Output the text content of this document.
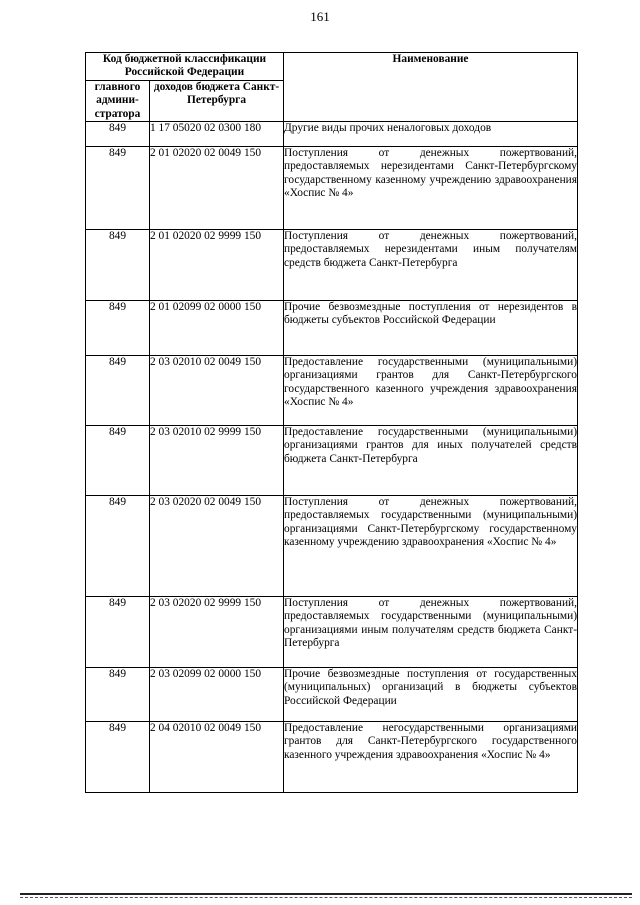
161
Код бюджетной классификации Российской Федерации		Наименование
главного админи-стратора	доходов бюджета Санкт-Петербурга	
849	1 17 05020 02 0300 180	Другие виды прочих неналоговых доходов
849	2 01 02020 02 0049 150	Поступления от денежных пожертвований, предоставляемых нерезидентами Санкт-Петербургскому государственному казенному учреждению здравоохранения «Хоспис № 4»
849	2 01 02020 02 9999 150	Поступления от денежных пожертвований, предоставляемых нерезидентами иным получателям средств бюджета Санкт-Петербурга
849	2 01 02099 02 0000 150	Прочие безвозмездные поступления от нерезидентов в бюджеты субъектов Российской Федерации
849	2 03 02010 02 0049 150	Предоставление государственными (муниципальными) организациями грантов для Санкт-Петербургского государственного казенного учреждения здравоохранения «Хоспис № 4»
849	2 03 02010 02 9999 150	Предоставление государственными (муниципальными) организациями грантов для иных получателей средств бюджета Санкт-Петербурга
849	2 03 02020 02 0049 150	Поступления от денежных пожертвований, предоставляемых государственными (муниципальными) организациями Санкт-Петербургскому государственному казенному учреждению здравоохранения «Хоспис № 4»
849	2 03 02020 02 9999 150	Поступления от денежных пожертвований, предоставляемых государственными (муниципальными) организациями иным получателям средств бюджета Санкт-Петербурга
849	2 03 02099 02 0000 150	Прочие безвозмездные поступления от государственных (муниципальных) организаций в бюджеты субъектов Российской Федерации
849	2 04 02010 02 0049 150	Предоставление негосударственными организациями грантов для Санкт-Петербургского государственного казенного учреждения здравоохранения «Хоспис № 4»
